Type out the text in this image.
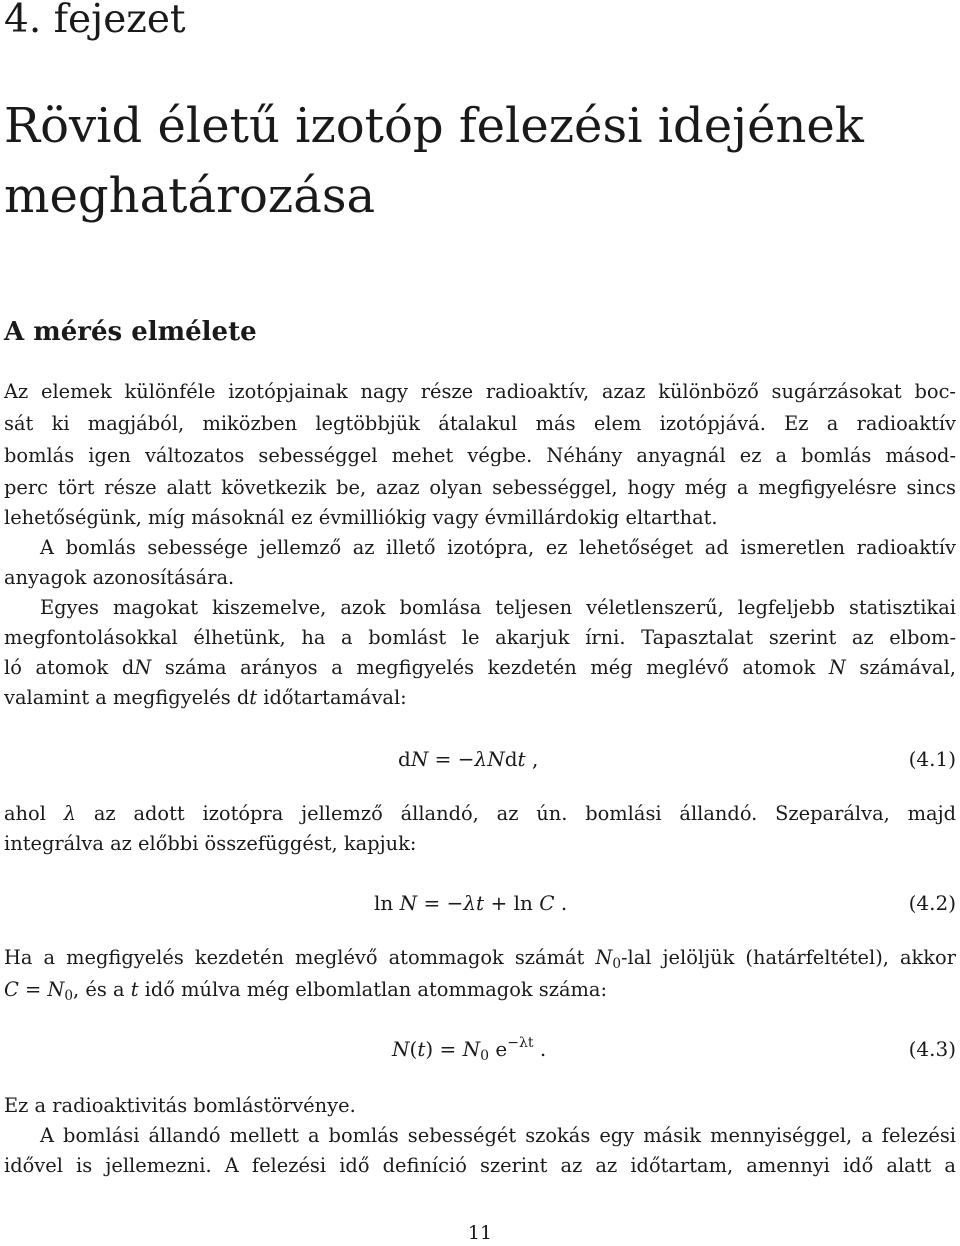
4. fejezet
Rövid életű izotóp felezési idejének
meghatározása
A mérés elmélete
Az elemek különféle izotópjainak nagy része radioaktív, azaz különböző sugárzásokat boc-
sát ki magjából, miközben legtöbbjük átalakul más elem izotópjává. Ez a radioaktív
bomlás igen változatos sebességgel mehet végbe. Néhány anyagnál ez a bomlás másod-
perc tört része alatt következik be, azaz olyan sebességgel, hogy még a megfigyelésre sincs
lehetőségünk, míg másoknál ez évmilliókig vagy évmillárdokig eltarthat.
A bomlás sebessége jellemző az illető izotópra, ez lehetőséget ad ismeretlen radioaktív
anyagok azonosítására.
Egyes magokat kiszemelve, azok bomlása teljesen véletlenszerű, legfeljebb statisztikai
megfontolásokkal élhetünk, ha a bomlást le akarjuk írni. Tapasztalat szerint az elbom-
ló atomok dN száma arányos a megfigyelés kezdetén még meglévő atomok N számával,
valamint a megfigyelés dt időtartamával:
dN = −λNdt ,	(4.1)
ahol λ az adott izotópra jellemző állandó, az ún. bomlási állandó. Szeparálva, majd
integrálva az előbbi összefüggést, kapjuk:
ln N = −λt + ln C .	(4.2)
Ha a megfigyelés kezdetén meglévő atommagok számát $N_0$-lal jelöljük (határfeltétel), akkor
$C = N_0$, és a t idő múlva még elbomlatlan atommagok száma:
$N(t) = N_0$ $e^{-\lambda t}$ .	(4.3)
Ez a radioaktivitás bomlástörvénye.
A bomlási állandó mellett a bomlás sebességét szokás egy másik mennyiséggel, a felezési
idővel is jellemezni. A felezési idő definíció szerint az az időtartam, amennyi idő alatt a
11
